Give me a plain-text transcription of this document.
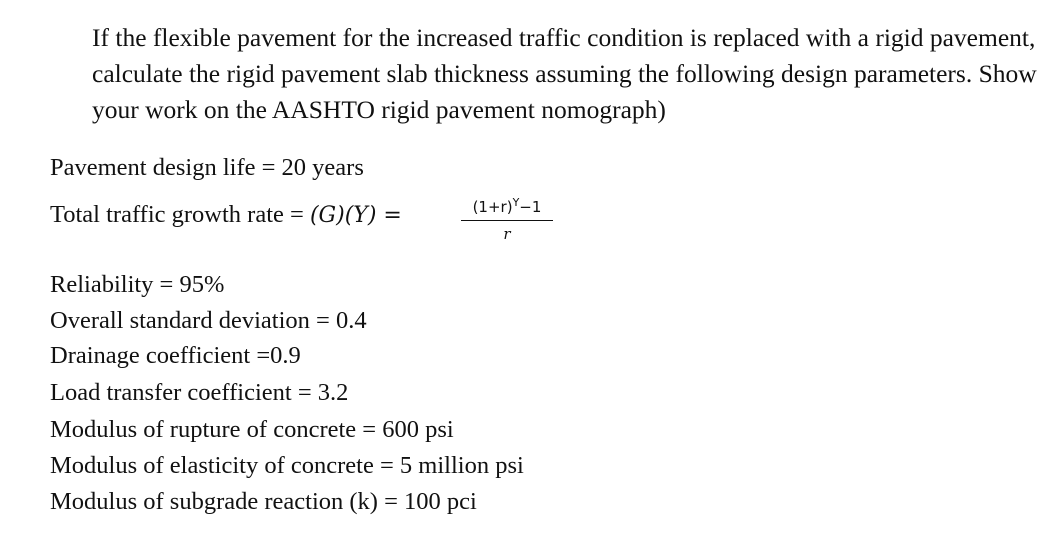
If the flexible pavement for the increased traffic condition is replaced with a rigid pavement, calculate the rigid pavement slab thickness assuming the following design parameters. Show your work on the AASHTO rigid pavement nomograph)

Pavement design life = 20 years
Total traffic growth rate = (G)(Y) =	$(1+r)^Y-1$
r
Reliability = 95%
Overall standard deviation = 0.4
Drainage coefficient =0.9
Load transfer coefficient = 3.2
Modulus of rupture of concrete = 600 psi
Modulus of elasticity of concrete = 5 million psi
Modulus of subgrade reaction (k) = 100 pci
